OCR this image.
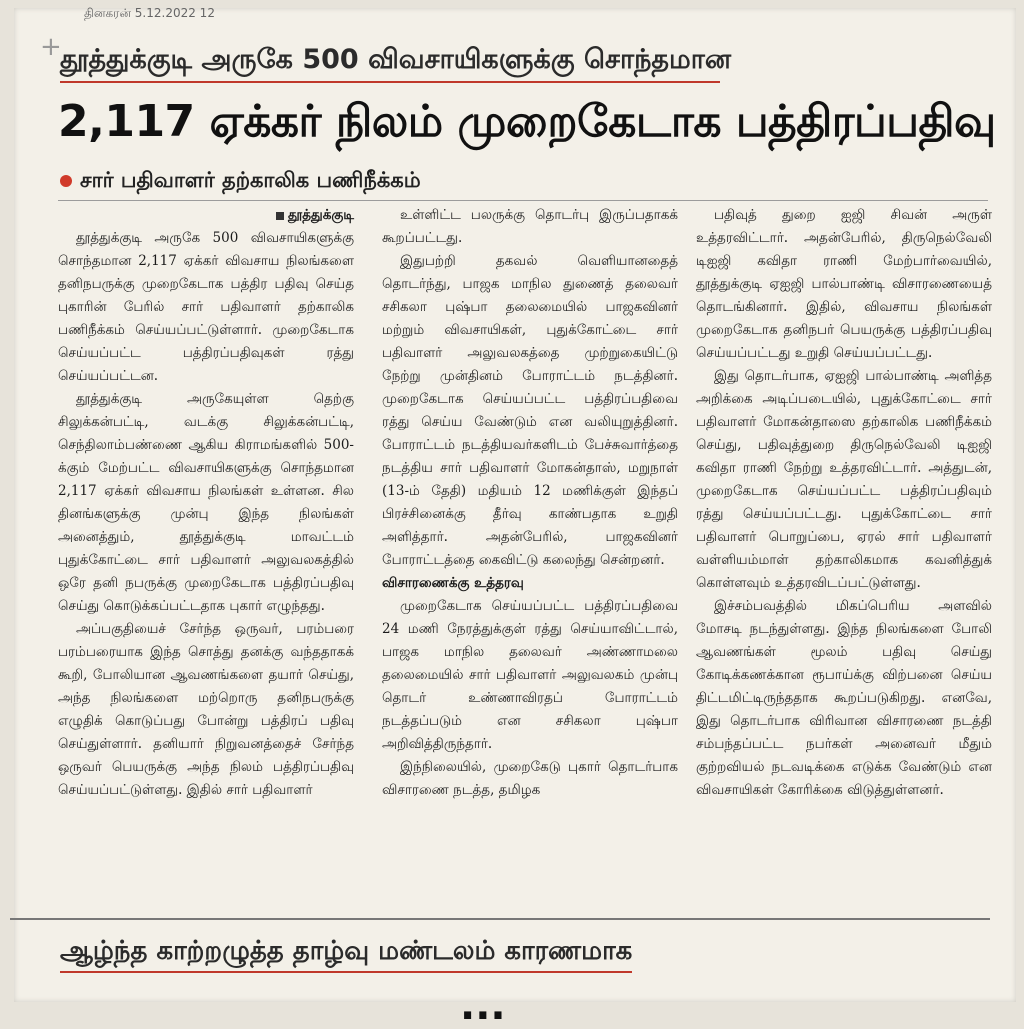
தினகரன் 5.12.2022 12
+
தூத்துக்குடி அருகே 500 விவசாயிகளுக்கு சொந்தமான
2,117 ஏக்கர் நிலம் முறைகேடாக பத்திரப்பதிவு
சார் பதிவாளர் தற்காலிக பணிநீக்கம்

தூத்துக்குடி

தூத்துக்குடி அருகே 500 விவசாயிகளுக்கு சொந்தமான 2,117 ஏக்கர் விவசாய நிலங்களை தனிநபருக்கு முறைகேடாக பத்திர பதிவு செய்த புகாரின் பேரில் சார் பதிவாளர் தற்காலிக பணிநீக்கம் செய்யப்பட்டுள்ளார். முறைகேடாக செய்யப்பட்ட பத்திரப்பதிவுகள் ரத்து செய்யப்பட்டன.

தூத்துக்குடி அருகேயுள்ள தெற்கு சிலுக்கன்பட்டி, வடக்கு சிலுக்கன்பட்டி, செந்திலாம்பண்ணை ஆகிய கிராமங்களில் 500-க்கும் மேற்பட்ட விவசாயிகளுக்கு சொந்தமான 2,117 ஏக்கர் விவசாய நிலங்கள் உள்ளன. சில தினங்களுக்கு முன்பு இந்த நிலங்கள் அனைத்தும், தூத்துக்குடி மாவட்டம் புதுக்கோட்டை சார் பதிவாளர் அலுவலகத்தில் ஒரே தனி நபருக்கு முறைகேடாக பத்திரப்பதிவு செய்து கொடுக்கப்பட்டதாக புகார் எழுந்தது.

அப்பகுதியைச் சேர்ந்த ஒருவர், பரம்பரை பரம்பரையாக இந்த சொத்து தனக்கு வந்ததாகக் கூறி, போலியான ஆவணங்களை தயார் செய்து, அந்த நிலங்களை மற்றொரு தனிநபருக்கு எழுதிக் கொடுப்பது போன்று பத்திரப் பதிவு செய்துள்ளார். தனியார் நிறுவனத்தைச் சேர்ந்த ஒருவர் பெயருக்கு அந்த நிலம் பத்திரப்பதிவு செய்யப்பட்டுள்ளது. இதில் சார் பதிவாளர்

உள்ளிட்ட பலருக்கு தொடர்பு இருப்பதாகக் கூறப்பட்டது.

இதுபற்றி தகவல் வெளியானதைத் தொடர்ந்து, பாஜக மாநில துணைத் தலைவர் சசிகலா புஷ்பா தலைமையில் பாஜகவினர் மற்றும் விவசாயிகள், புதுக்கோட்டை சார் பதிவாளர் அலுவலகத்தை முற்றுகையிட்டு நேற்று முன்தினம் போராட்டம் நடத்தினர். முறைகேடாக செய்யப்பட்ட பத்திரப்பதிவை ரத்து செய்ய வேண்டும் என வலியுறுத்தினர். போராட்டம் நடத்தியவர்களிடம் பேச்சுவார்த்தை நடத்திய சார் பதிவாளர் மோகன்தாஸ், மறுநாள் (13-ம் தேதி) மதியம் 12 மணிக்குள் இந்தப் பிரச்சினைக்கு தீர்வு காண்பதாக உறுதி அளித்தார். அதன்பேரில், பாஜகவினர் போராட்டத்தை கைவிட்டு கலைந்து சென்றனர்.

விசாரணைக்கு உத்தரவு

முறைகேடாக செய்யப்பட்ட பத்திரப்பதிவை 24 மணி நேரத்துக்குள் ரத்து செய்யாவிட்டால், பாஜக மாநில தலைவர் அண்ணாமலை தலைமையில் சார் பதிவாளர் அலுவலகம் முன்பு தொடர் உண்ணாவிரதப் போராட்டம் நடத்தப்படும் என சசிகலா புஷ்பா அறிவித்திருந்தார்.

இந்நிலையில், முறைகேடு புகார் தொடர்பாக விசாரணை நடத்த, தமிழக

பதிவுத் துறை ஐஜி சிவன் அருள் உத்தரவிட்டார். அதன்பேரில், திருநெல்வேலி டிஐஜி கவிதா ராணி மேற்பார்வையில், தூத்துக்குடி ஏஐஜி பால்பாண்டி விசாரணையைத் தொடங்கினார். இதில், விவசாய நிலங்கள் முறைகேடாக தனிநபர் பெயருக்கு பத்திரப்பதிவு செய்யப்பட்டது உறுதி செய்யப்பட்டது.

இது தொடர்பாக, ஏஐஜி பால்பாண்டி அளித்த அறிக்கை அடிப்படையில், புதுக்கோட்டை சார் பதிவாளர் மோகன்தாஸை தற்காலிக பணிநீக்கம் செய்து, பதிவுத்துறை திருநெல்வேலி டிஐஜி கவிதா ராணி நேற்று உத்தரவிட்டார். அத்துடன், முறைகேடாக செய்யப்பட்ட பத்திரப்பதிவும் ரத்து செய்யப்பட்டது. புதுக்கோட்டை சார் பதிவாளர் பொறுப்பை, ஏரல் சார் பதிவாளர் வள்ளியம்மாள் தற்காலிகமாக கவனித்துக் கொள்ளவும் உத்தரவிடப்பட்டுள்ளது.

இச்சம்பவத்தில் மிகப்பெரிய அளவில் மோசடி நடந்துள்ளது. இந்த நிலங்களை போலி ஆவணங்கள் மூலம் பதிவு செய்து கோடிக்கணக்கான ரூபாய்க்கு விற்பனை செய்ய திட்டமிட்டிருந்ததாக கூறப்படுகிறது. எனவே, இது தொடர்பாக விரிவான விசாரணை நடத்தி சம்பந்தப்பட்ட நபர்கள் அனைவர் மீதும் குற்றவியல் நடவடிக்கை எடுக்க வேண்டும் என விவசாயிகள் கோரிக்கை விடுத்துள்ளனர்.

ஆழ்ந்த காற்றழுத்த தாழ்வு மண்டலம் காரணமாக
...
